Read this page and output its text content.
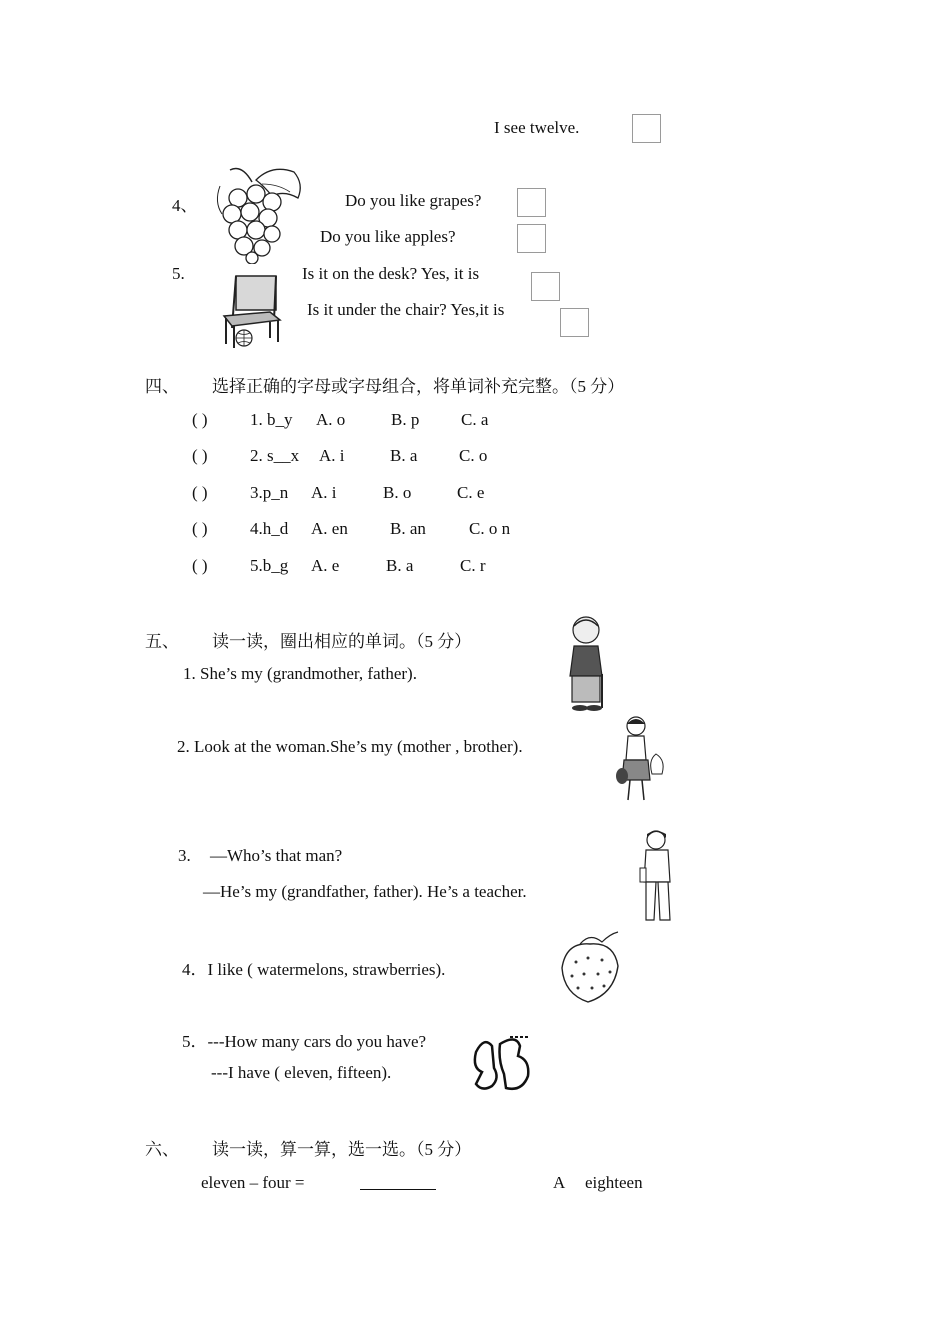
I see twelve.
4、	Do you like grapes?
Do you like apples?
5.	Is it on the desk? Yes, it is
Is it under the chair? Yes,it is
四、 选择正确的字母或字母组合，将单词补充完整。（5 分）
( ) 1. b_y A. o	B. p C. a
( ) 2. s__x A. i	B. a C. o
( ) 3.p_n A. i	B. o	C. e
( ) 4.h_d A. en B. an	C. o n
( ) 5.b_g A. e	B. a	C. r
五、 读一读，圈出相应的单词。（5 分）
1. She’s my (grandmother, father).
2. Look at the woman.She’s my (mother , brother).
3. —Who’s that man?
—He’s my (grandfather, father). He’s a teacher.
4．I like ( watermelons, strawberries).
5．---How many cars do you have?
---I have ( eleven, fifteen).
六、 读一读，算一算，选一选。（5 分）
eleven – four =	A eighteen
